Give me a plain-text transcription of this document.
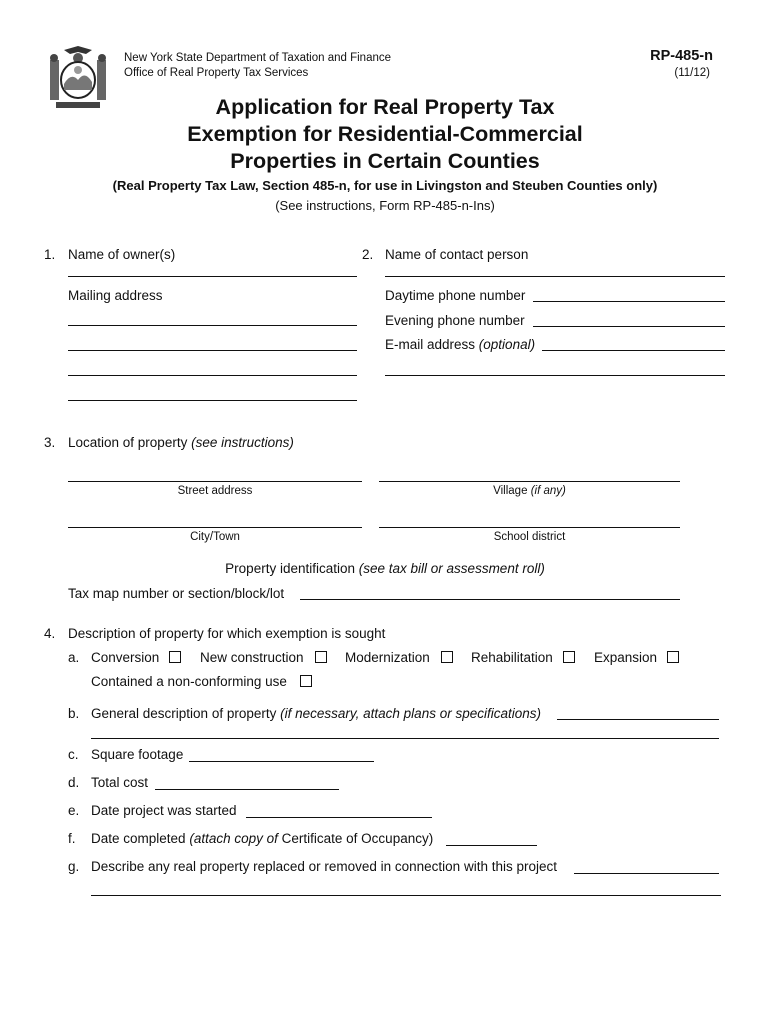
New York State Department of Taxation and Finance
Office of Real Property Tax Services
RP-485-n
(11/12)
Application for Real Property Tax
Exemption for Residential-Commercial
Properties in Certain Counties
(Real Property Tax Law, Section 485-n, for use in Livingston and Steuben Counties only)
(See instructions, Form RP-485-n-Ins)
1. Name of owner(s)
Mailing address
2. Name of contact person
Daytime phone number
Evening phone number
E-mail address (optional)
3. Location of property (see instructions)
Street address	Village (if any)
City/Town	School district
Property identification (see tax bill or assessment roll)
Tax map number or section/block/lot
4. Description of property for which exemption is sought
a. Conversion	New construction	Modernization	Rehabilitation	Expansion
Contained a non-conforming use
b. General description of property (if necessary, attach plans or specifications)
c. Square footage
d. Total cost
e. Date project was started
f. Date completed (attach copy of Certificate of Occupancy)
g. Describe any real property replaced or removed in connection with this project
